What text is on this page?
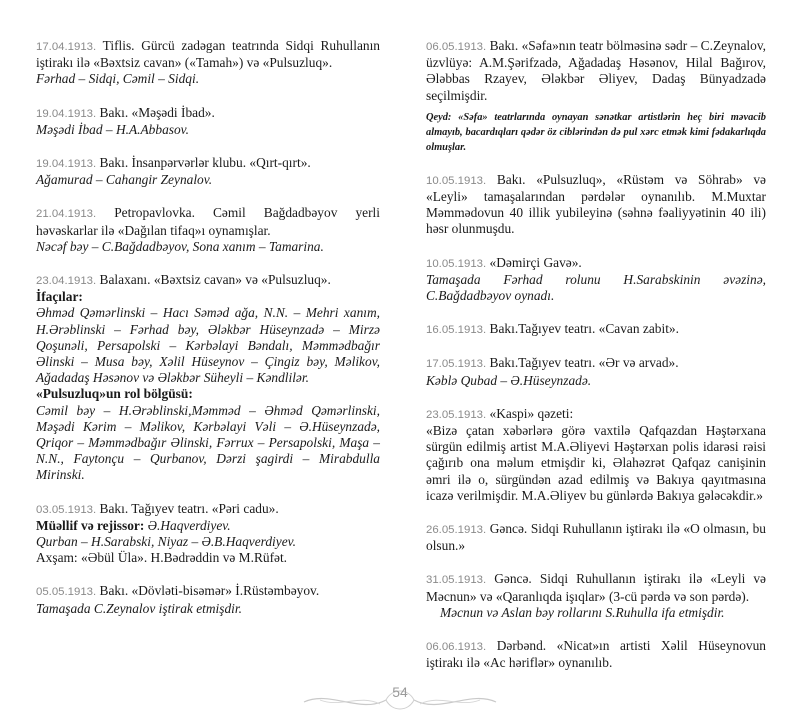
17.04.1913. Tiflis. Gürcü zadəgan teatrında Sidqi Ruhullanın iştirakı ilə «Bəxtsiz cavan» («Tamah») və «Pulsuzluq».

Fərhad – Sidqi, Cəmil – Sidqi.

19.04.1913. Bakı. «Məşədi İbad».

Məşədi İbad – H.A.Abbasov.

19.04.1913. Bakı. İnsanpərvərlər klubu. «Qırt-qırt».

Ağamurad – Cahangir Zeynalov.

21.04.1913. Petropavlovka. Cəmil Bağdadbəyov yerli həvəskarlar ilə «Dağılan tifaq»ı oynamışlar.

Nəcəf bəy – C.Bağdadbəyov, Sona xanım – Tamarina.

23.04.1913. Balaxanı. «Bəxtsiz cavan» və «Pulsuzluq».

İfaçılar:

Əhməd Qəmərlinski – Hacı Səməd ağa, N.N. – Mehri xanım, H.Ərəblinski – Fərhad bəy, Ələkbər Hüseynzadə – Mirzə Qoşunəli, Persapolski – Kərbəlayi Bəndalı, Məmmədbağır Əlinski – Musa bəy, Xəlil Hüseynov – Çingiz bəy, Məlikov, Ağadadaş Həsənov və Ələkbər Süheyli – Kəndlilər.

«Pulsuzluq»un rol bölgüsü:

Cəmil bəy – H.Ərəblinski,Məmməd – Əhməd Qəmərlinski, Məşədi Kərim – Məlikov, Kərbəlayi Vəli – Ə.Hüseynzadə, Qriqor – Məmmədbağır Əlinski, Fərrux – Persapolski, Maşa – N.N., Faytonçu – Qurbanov, Dərzi şagirdi – Mirabdulla Mirinski.

03.05.1913. Bakı. Tağıyev teatrı. «Pəri cadu».

Müəllif və rejissor: Ə.Haqverdiyev.

Qurban – H.Sarabski, Niyaz – Ə.B.Haqverdiyev.

Axşam: «Əbül Üla». H.Bədrəddin və M.Rüfət.

05.05.1913. Bakı. «Dövləti-bisəmər» İ.Rüstəmbəyov.

Tamaşada C.Zeynalov iştirak etmişdir.

06.05.1913. Bakı. «Səfa»nın teatr bölməsinə sədr – C.Zeynalov, üzvlüyə: A.M.Şərifzadə, Ağadadaş Həsənov, Hilal Bağırov, Ələbbas Rzayev, Ələkbər Əliyev, Dadaş Bünyadzadə seçilmişdir.

Qeyd: «Səfa» teatrlarında oynayan sənətkar artistlərin heç biri məvacib almayıb, bacardıqları qədər öz ciblərindən də pul xərc etmək kimi fədakarlıqda olmuşlar.

10.05.1913. Bakı. «Pulsuzluq», «Rüstəm və Söhrab» və «Leyli» tamaşalarından pərdələr oynanılıb. M.Muxtar Məmmədovun 40 illik yubileyinə (səhnə fəaliyyətinin 40 ili) həsr olunmuşdu.

10.05.1913. «Dəmirçi Gavə».

Tamaşada Fərhad rolunu H.Sarabskinin əvəzinə, C.Bağdadbəyov oynadı.

16.05.1913. Bakı.Tağıyev teatrı. «Cavan zabit».

17.05.1913. Bakı.Tağıyev teatrı. «Ər və arvad».

Kəblə Qubad – Ə.Hüseynzadə.

23.05.1913. «Kaspi» qəzeti:

«Bizə çatan xəbərlərə görə vaxtilə Qafqazdan Həştərxana sürgün edilmiş artist M.A.Əliyevi Həştərxan polis idarəsi rəisi çağırıb ona məlum etmişdir ki, Əlahəzrət Qafqaz canişinin əmri ilə o, sürgündən azad edilmiş və Bakıya qayıtmasına icazə verilmişdir. M.A.Əliyev bu günlərdə Bakıya gələcəkdir.»

26.05.1913. Gəncə. Sidqi Ruhullanın iştirakı ilə «O olmasın, bu olsun.»

31.05.1913. Gəncə. Sidqi Ruhullanın iştirakı ilə «Leyli və Məcnun» və «Qaranlıqda işıqlar» (3-cü pərdə və son pərdə).

Məcnun və Aslan bəy rollarını S.Ruhulla ifa etmişdir.

06.06.1913. Dərbənd. «Nicat»ın artisti Xəlil Hüseynovun iştirakı ilə «Ac həriflər» oynanılıb.

54
